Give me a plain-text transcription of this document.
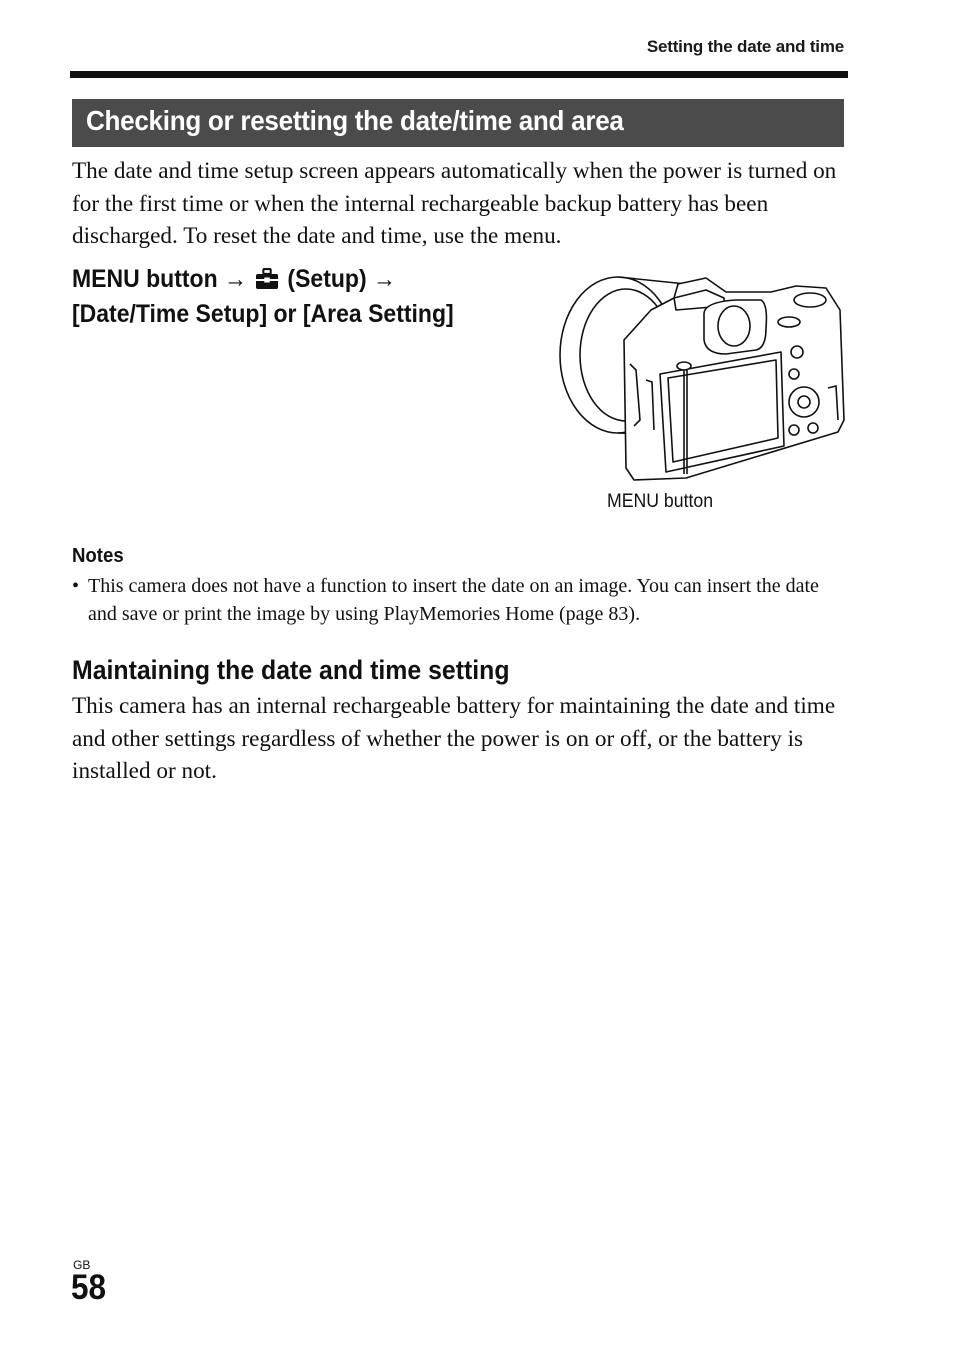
Setting the date and time
Checking or resetting the date/time and area

The date and time setup screen appears automatically when the power is turned on for the first time or when the internal rechargeable backup battery has been discharged. To reset the date and time, use the menu.

MENU button → (Setup) →
[Date/Time Setup] or [Area Setting]

MENU button
Notes
• This camera does not have a function to insert the date on an image. You can insert the date and save or print the image by using PlayMemories Home (page 83).
Maintaining the date and time setting

This camera has an internal rechargeable battery for maintaining the date and time and other settings regardless of whether the power is on or off, or the battery is installed or not.

GB
58
